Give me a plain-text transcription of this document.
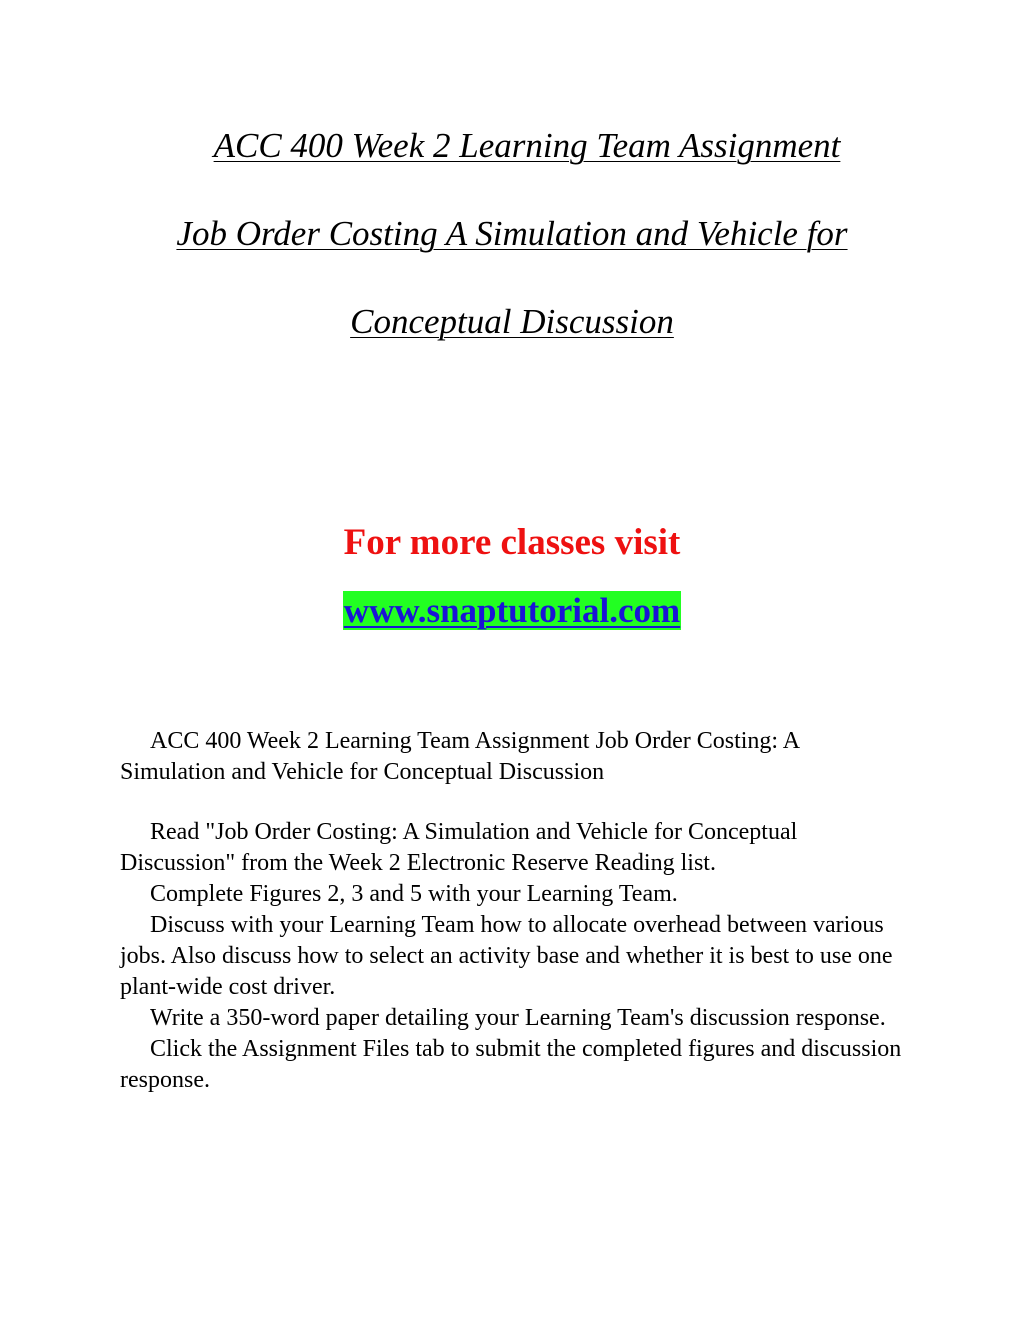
ACC 400 Week 2 Learning Team Assignment
Job Order Costing A Simulation and Vehicle for
Conceptual Discussion
For more classes visit
www.snaptutorial.com

ACC 400 Week 2 Learning Team Assignment Job Order Costing: A Simulation and Vehicle for Conceptual Discussion

Read "Job Order Costing: A Simulation and Vehicle for Conceptual Discussion" from the Week 2 Electronic Reserve Reading list.

Complete Figures 2, 3 and 5 with your Learning Team.

Discuss with your Learning Team how to allocate overhead between various jobs. Also discuss how to select an activity base and whether it is best to use one plant-wide cost driver.

Write a 350-word paper detailing your Learning Team's discussion response.

Click the Assignment Files tab to submit the completed figures and discussion response.
